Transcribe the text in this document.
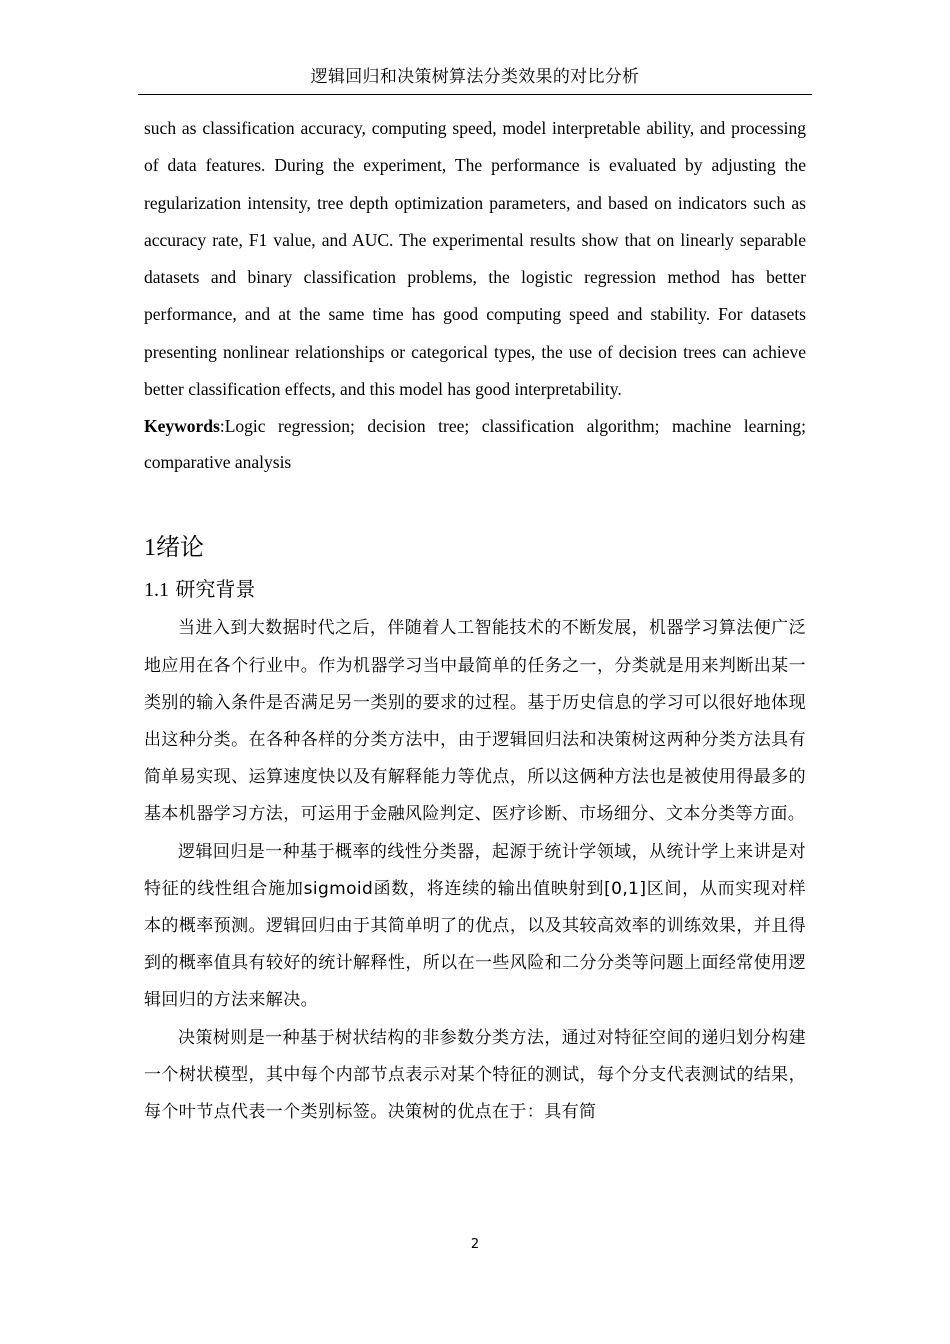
逻辑回归和决策树算法分类效果的对比分析

such as classification accuracy, computing speed, model interpretable ability, and processing of data features. During the experiment, The performance is evaluated by adjusting the regularization intensity, tree depth optimization parameters, and based on indicators such as accuracy rate, F1 value, and AUC. The experimental results show that on linearly separable datasets and binary classification problems, the logistic regression method has better performance, and at the same time has good computing speed and stability. For datasets presenting nonlinear relationships or categorical types, the use of decision trees can achieve better classification effects, and this model has good interpretability.

Keywords:Logic regression; decision tree; classification algorithm; machine learning; comparative analysis

1绪论
1.1 研究背景

当进入到大数据时代之后，伴随着人工智能技术的不断发展，机器学习算法便广泛地应用在各个行业中。作为机器学习当中最简单的任务之一，分类就是用来判断出某一类别的输入条件是否满足另一类别的要求的过程。基于历史信息的学习可以很好地体现出这种分类。在各种各样的分类方法中，由于逻辑回归法和决策树这两种分类方法具有简单易实现、运算速度快以及有解释能力等优点，所以这俩种方法也是被使用得最多的基本机器学习方法，可运用于金融风险判定、医疗诊断、市场细分、文本分类等方面。

逻辑回归是一种基于概率的线性分类器，起源于统计学领域，从统计学上来讲是对特征的线性组合施加sigmoid函数，将连续的输出值映射到[0,1]区间，从而实现对样本的概率预测。逻辑回归由于其简单明了的优点，以及其较高效率的训练效果，并且得到的概率值具有较好的统计解释性，所以在一些风险和二分分类等问题上面经常使用逻辑回归的方法来解决。

决策树则是一种基于树状结构的非参数分类方法，通过对特征空间的递归划分构建一个树状模型，其中每个内部节点表示对某个特征的测试，每个分支代表测试的结果，每个叶节点代表一个类别标签。决策树的优点在于：具有简

2
